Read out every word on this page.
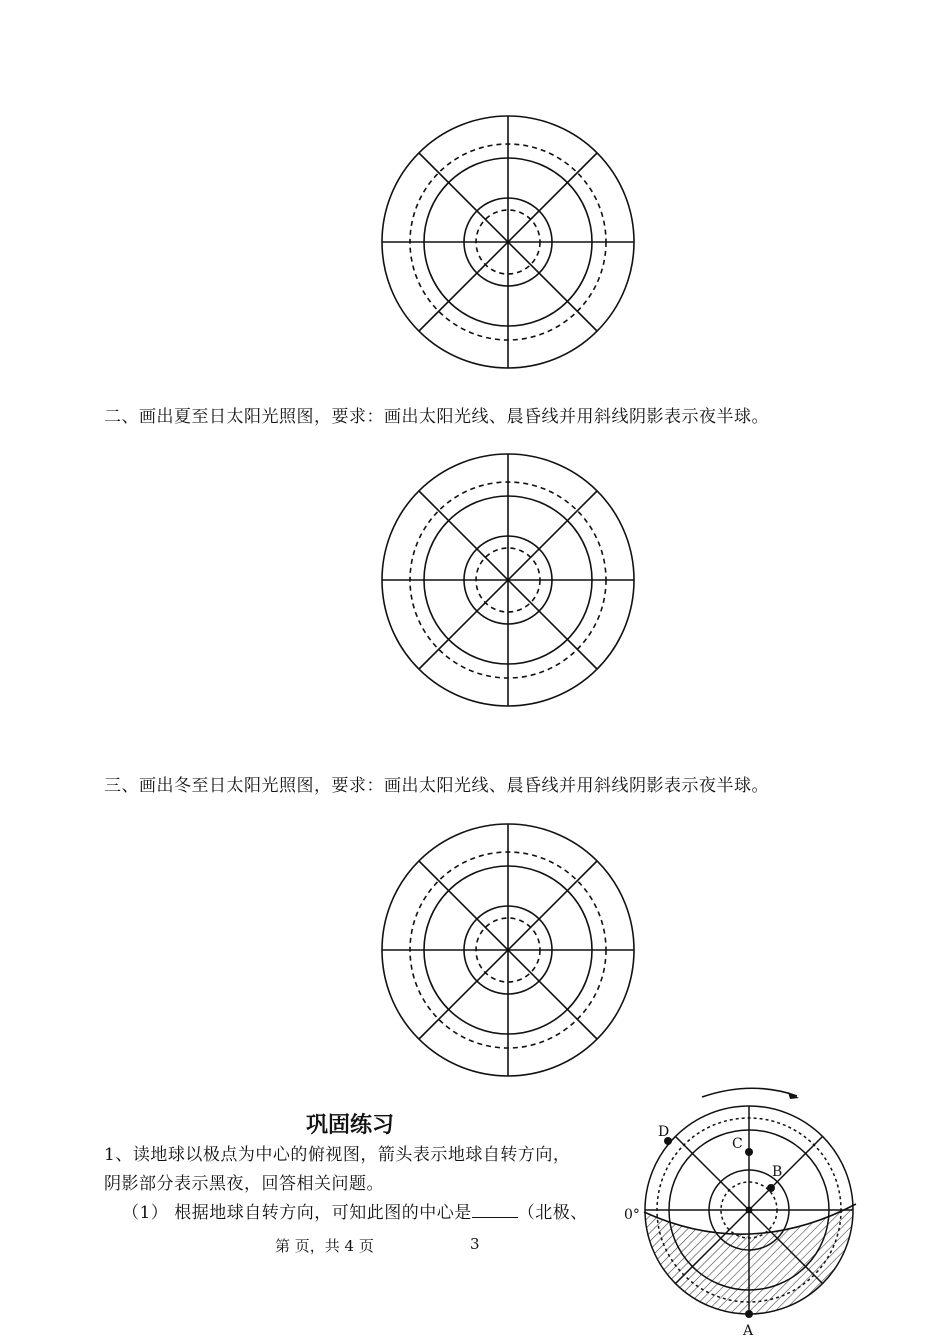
二、画出夏至日太阳光照图，要求：画出太阳光线、晨昏线并用斜线阴影表示夜半球。
三、画出冬至日太阳光照图，要求：画出太阳光线、晨昏线并用斜线阴影表示夜半球。
巩固练习
1、读地球以极点为中心的俯视图，箭头表示地球自转方向，
阴影部分表示黑夜，回答相关问题。
（1） 根据地球自转方向，可知此图的中心是	（北极、
第 页，共 4 页	3
D
C
B
0°
A
